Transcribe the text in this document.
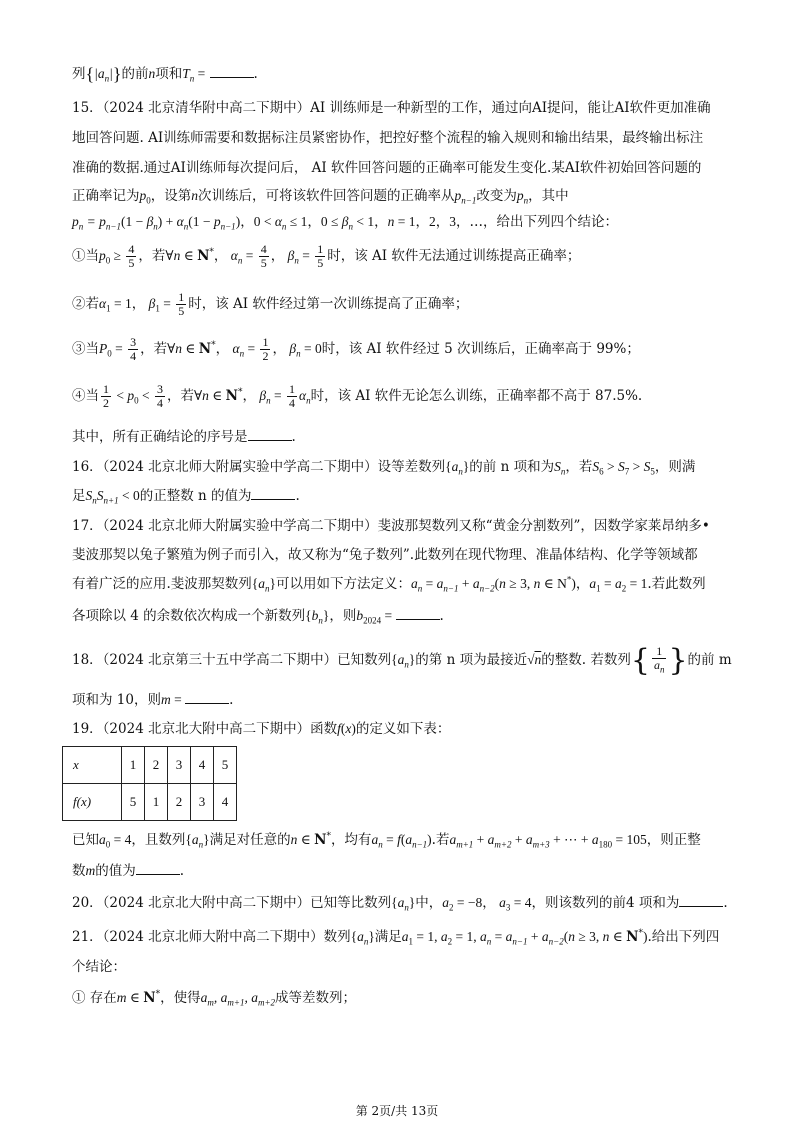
列$\{|a_n|\}$的前n项和$T_n$ =	.
15．（2024 北京清华附中高二下期中）AI 训练师是一种新型的工作，通过向AI提问，能让AI软件更加准确
地回答问题. AI训练师需要和数据标注员紧密协作，把控好整个流程的输入规则和输出结果，最终输出标注
准确的数据.通过AI训练师每次提问后， AI 软件回答问题的正确率可能发生变化.某AI软件初始回答问题的
正确率记为$p_0$，设第n次训练后，可将该软件回答问题的正确率从$p_{n-1}$改变为$p_n$，其中
$p_n = p_{n-1}(1 - \beta_n) + \alpha_n(1 - p_{n-1})$，$0 < \alpha_n \le 1$，$0 \le \beta_n < 1$，n = 1，2，3，…，给出下列四个结论：
①当$p_0 \ge \frac{4}{5}$ ，若∀n ∈ N*， $\alpha_n = \frac{4}{5}$ ， $\beta_n = \frac{1}{5}$ 时，该 AI 软件无法通过训练提高正确率；
②若$\alpha_1 = 1$， $\beta_1 = \frac{1}{5}$ 时，该 AI 软件经过第一次训练提高了正确率；
③当$P_0 = \frac{3}{4}$ ，若∀n ∈ N*， $\alpha_n = \frac{1}{2}$ ， $\beta_n = 0$时，该 AI 软件经过 5 次训练后，正确率高于 99%；
④当 $\frac{1}{2} < p_0 < \frac{3}{4}$ ，若∀n ∈ N*， $\beta_n = \frac{1}{4} \alpha_n$时，该 AI 软件无论怎么训练，正确率都不高于 87.5%.
其中，所有正确结论的序号是	.
16．（2024 北京北师大附属实验中学高二下期中）设等差数列$\{a_n\}$的前 n 项和为$S_n$，若$S_6 > S_7 > S_5$，则满
足$S_nS_{n+1} < 0$的正整数 n 的值为	.
17．（2024 北京北师大附属实验中学高二下期中）斐波那契数列又称“黄金分割数列”，因数学家莱昂纳多•
斐波那契以兔子繁殖为例子而引入，故又称为“兔子数列”.此数列在现代物理、准晶体结构、化学等领域都
有着广泛的应用.斐波那契数列$\{a_n\}$可以用如下方法定义：$a_n = a_{n-1} + a_{n-2}(n \ge 3$, n ∈ N*)，$a_1 = a_2 = 1$.若此数列
各项除以 4 的余数依次构成一个新数列$\{b_n\}$，则$b_{2024}$ =	.
18．（2024 北京第三十五中学高二下期中）已知数列$\{a_n\}$的第 n 项为最接近√n的整数. 若数列{ $\frac{1}{a_n}$ }的前 m
项和为 10，则m =	.
19．（2024 北京北大附中高二下期中）函数f(x)的定义如下表：
x	1	2	3	4	5
f(x)	5	1	2	3	4
已知$a_0 = 4$，且数列$\{a_n\}$满足对任意的n ∈ N*，均有$a_n = f(a_{n-1})$.若$a_{m+1} + a_{m+2} + a_{m+3}$ + ⋯ + $a_{180} = 105$，则正整
数m的值为	.
20．（2024 北京北大附中高二下期中）已知等比数列$\{a_n\}$中，$a_2 = -8$， $a_3 = 4$，则该数列的前4 项和为	.
21．（2024 北京北师大附中高二下期中）数列$\{a_n\}$满足$a_1 = 1$, $a_2 = 1$, $a_n = a_{n-1} + a_{n-2}(n \ge 3$, n ∈ N*).给出下列四
个结论：
① 存在m ∈ N*，使得$a_m$, $a_{m+1}$, $a_{m+2}$成等差数列；
第 2页/共 13页
